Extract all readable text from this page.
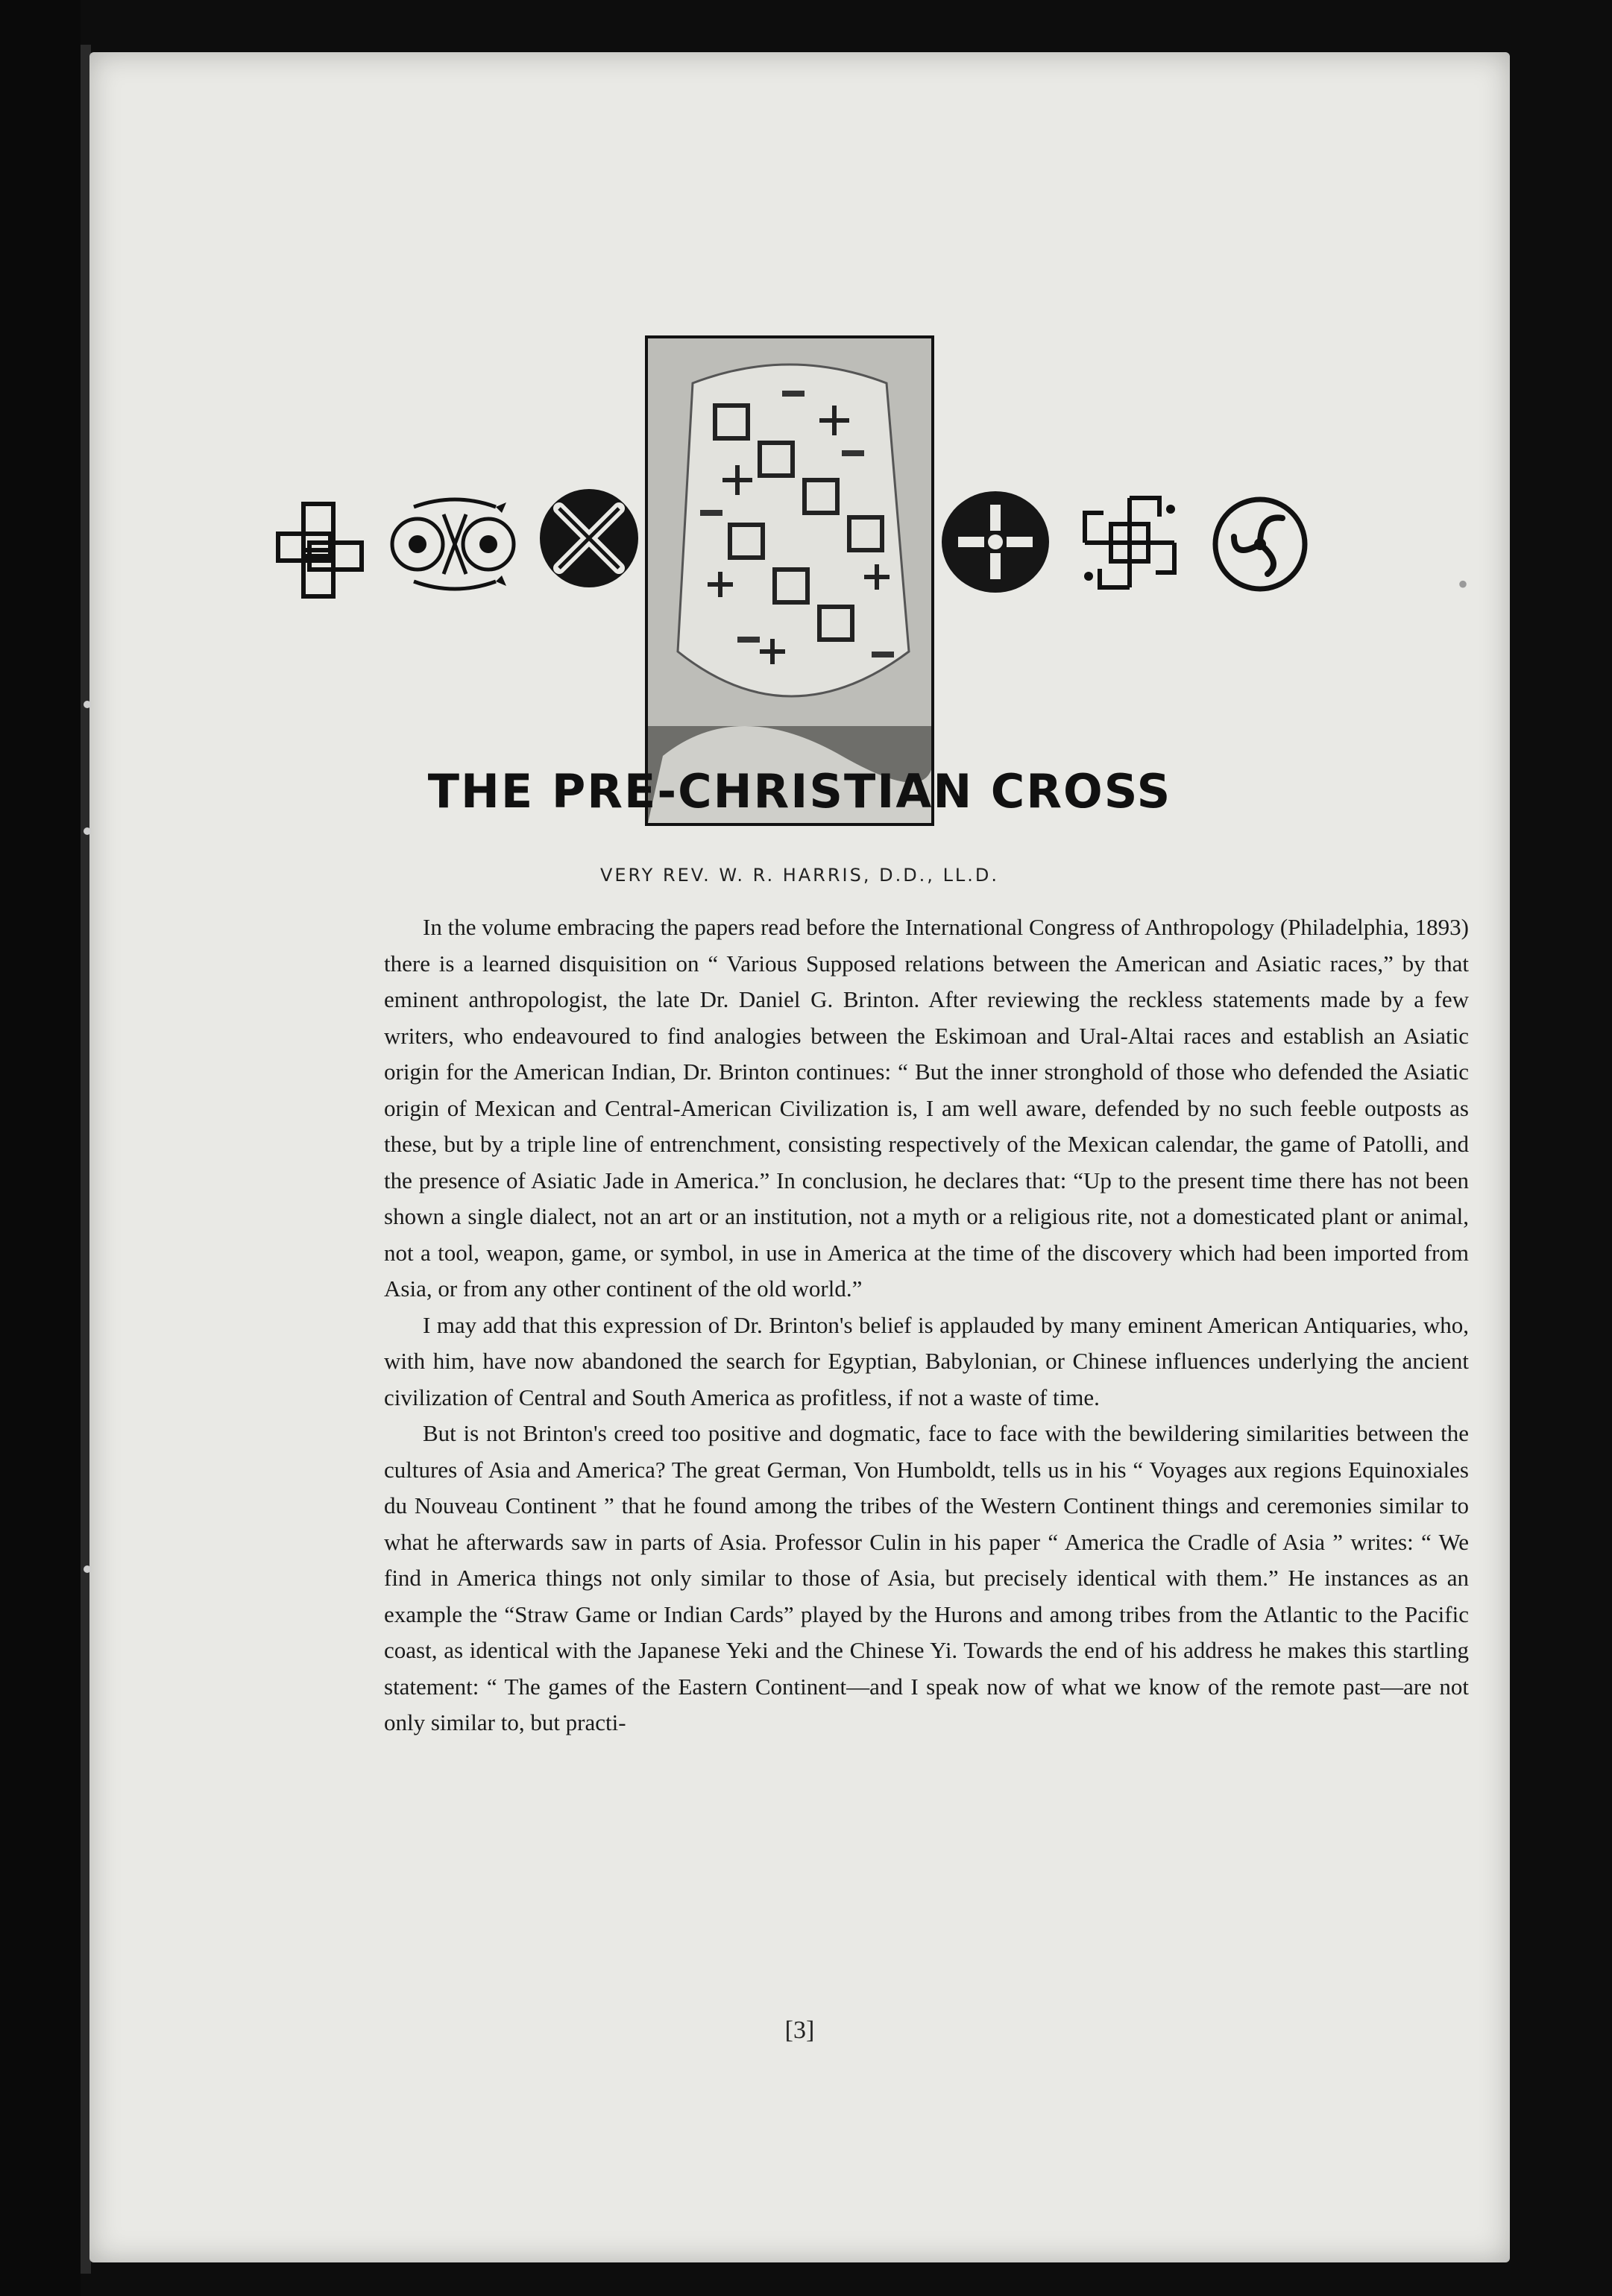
THE PRE-CHRISTIAN CROSS
VERY REV. W. R. HARRIS, D.D., LL.D.

In the volume embracing the papers read before the International Congress of Anthropology (Philadelphia, 1893) there is a learned disquisition on “ Various Supposed relations between the American and Asiatic races,” by that eminent anthropologist, the late Dr. Daniel G. Brinton. After reviewing the reckless statements made by a few writers, who endeavoured to find analogies between the Eskimoan and Ural-Altai races and establish an Asiatic origin for the American Indian, Dr. Brinton continues: “ But the inner stronghold of those who defended the Asiatic origin of Mexican and Central-American Civilization is, I am well aware, defended by no such feeble outposts as these, but by a triple line of entrenchment, consisting respectively of the Mexican calendar, the game of Patolli, and the presence of Asiatic Jade in America.” In conclusion, he declares that: “Up to the present time there has not been shown a single dialect, not an art or an institution, not a myth or a religious rite, not a domesticated plant or animal, not a tool, weapon, game, or symbol, in use in America at the time of the discovery which had been imported from Asia, or from any other continent of the old world.”

I may add that this expression of Dr. Brinton's belief is applauded by many eminent American Antiquaries, who, with him, have now abandoned the search for Egyptian, Babylonian, or Chinese influences underlying the ancient civilization of Central and South America as profitless, if not a waste of time.

But is not Brinton's creed too positive and dogmatic, face to face with the bewildering similarities between the cultures of Asia and America? The great German, Von Humboldt, tells us in his “ Voyages aux regions Equinoxiales du Nouveau Continent ” that he found among the tribes of the Western Continent things and ceremonies similar to what he afterwards saw in parts of Asia. Professor Culin in his paper “ America the Cradle of Asia ” writes: “ We find in America things not only similar to those of Asia, but precisely identical with them.” He instances as an example the “Straw Game or Indian Cards” played by the Hurons and among tribes from the Atlantic to the Pacific coast, as identical with the Japanese Yeki and the Chinese Yi. Towards the end of his address he makes this startling statement: “ The games of the Eastern Continent—and I speak now of what we know of the remote past—are not only similar to, but practi-

[3]
•
